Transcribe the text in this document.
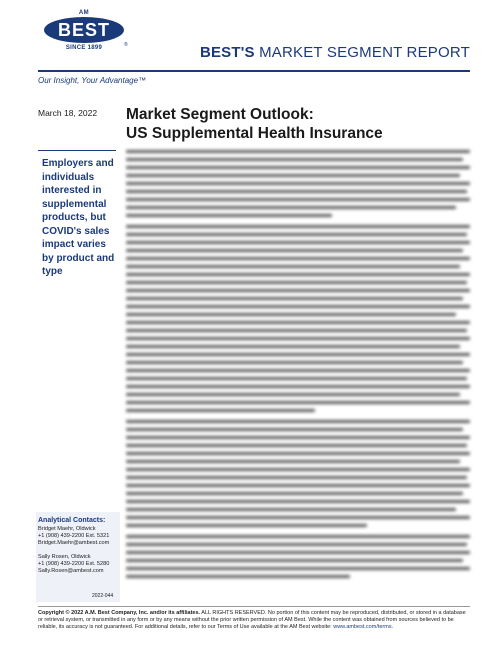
AM
BEST
SINCE 1899	®	BEST'S MARKET SEGMENT REPORT
Our Insight, Your Advantage™
March 18, 2022 Market Segment Outlook:
US Supplemental Health Insurance
Employers and individuals interested in supplemental products, but COVID's sales impact varies by product and type
Analytical Contacts:
Bridget Maehr, Oldwick
+1 (908) 439-2200 Ext. 5321
Bridget.Maehr@ambest.com
Sally Rosen, Oldwick
+1 (908) 439-2200 Ext. 5280
Sally.Rosen@ambest.com
2022-044
Copyright © 2022 A.M. Best Company, Inc. and/or its affiliates. ALL RIGHTS RESERVED. No portion of this content may be reproduced, distributed, or stored in a database or retrieval system, or transmitted in any form or by any means without the prior written permission of AM Best. While the content was obtained from sources believed to be reliable, its accuracy is not guaranteed. For additional details, refer to our Terms of Use available at the AM Best website: www.ambest.com/terms.
